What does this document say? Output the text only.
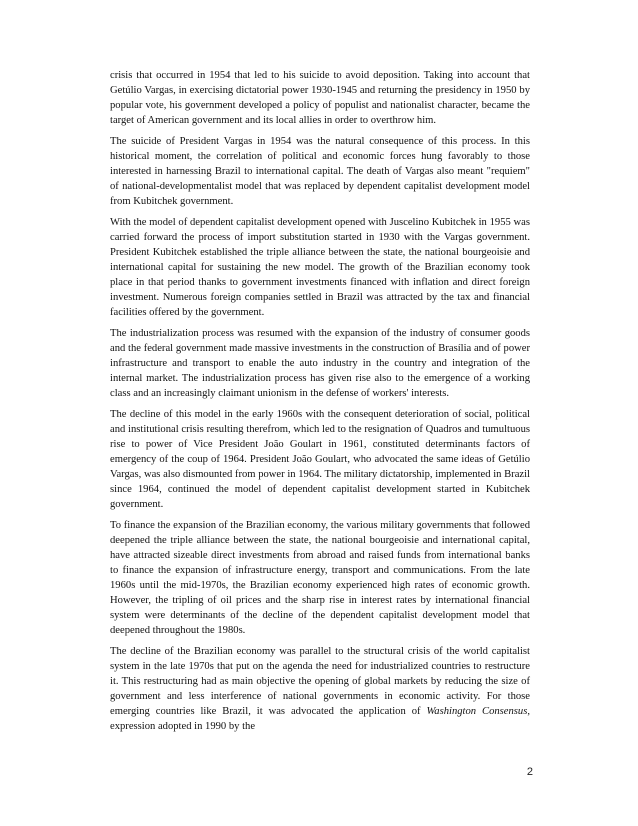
crisis that occurred in 1954 that led to his suicide to avoid deposition. Taking into account that Getúlio Vargas, in exercising dictatorial power 1930-1945 and returning the presidency in 1950 by popular vote, his government developed a policy of populist and nationalist character, became the target of American government and its local allies in order to overthrow him.

The suicide of President Vargas in 1954 was the natural consequence of this process. In this historical moment, the correlation of political and economic forces hung favorably to those interested in harnessing Brazil to international capital. The death of Vargas also meant "requiem" of national-developmentalist model that was replaced by dependent capitalist development model from Kubitchek government.

With the model of dependent capitalist development opened with Juscelino Kubitchek in 1955 was carried forward the process of import substitution started in 1930 with the Vargas government. President Kubitchek established the triple alliance between the state, the national bourgeoisie and international capital for sustaining the new model. The growth of the Brazilian economy took place in that period thanks to government investments financed with inflation and direct foreign investment. Numerous foreign companies settled in Brazil was attracted by the tax and financial facilities offered by the government.

The industrialization process was resumed with the expansion of the industry of consumer goods and the federal government made massive investments in the construction of Brasília and of power infrastructure and transport to enable the auto industry in the country and integration of the internal market. The industrialization process has given rise also to the emergence of a working class and an increasingly claimant unionism in the defense of workers' interests.

The decline of this model in the early 1960s with the consequent deterioration of social, political and institutional crisis resulting therefrom, which led to the resignation of Quadros and tumultuous rise to power of Vice President João Goulart in 1961, constituted determinants factors of emergency of the coup of 1964. President João Goulart, who advocated the same ideas of Getúlio Vargas, was also dismounted from power in 1964. The military dictatorship, implemented in Brazil since 1964, continued the model of dependent capitalist development started in Kubitchek government.

To finance the expansion of the Brazilian economy, the various military governments that followed deepened the triple alliance between the state, the national bourgeoisie and international capital, have attracted sizeable direct investments from abroad and raised funds from international banks to finance the expansion of infrastructure energy, transport and communications. From the late 1960s until the mid-1970s, the Brazilian economy experienced high rates of economic growth. However, the tripling of oil prices and the sharp rise in interest rates by international financial system were determinants of the decline of the dependent capitalist development model that deepened throughout the 1980s.

The decline of the Brazilian economy was parallel to the structural crisis of the world capitalist system in the late 1970s that put on the agenda the need for industrialized countries to restructure it. This restructuring had as main objective the opening of global markets by reducing the size of government and less interference of national governments in economic activity. For those emerging countries like Brazil, it was advocated the application of Washington Consensus, expression adopted in 1990 by the

2
